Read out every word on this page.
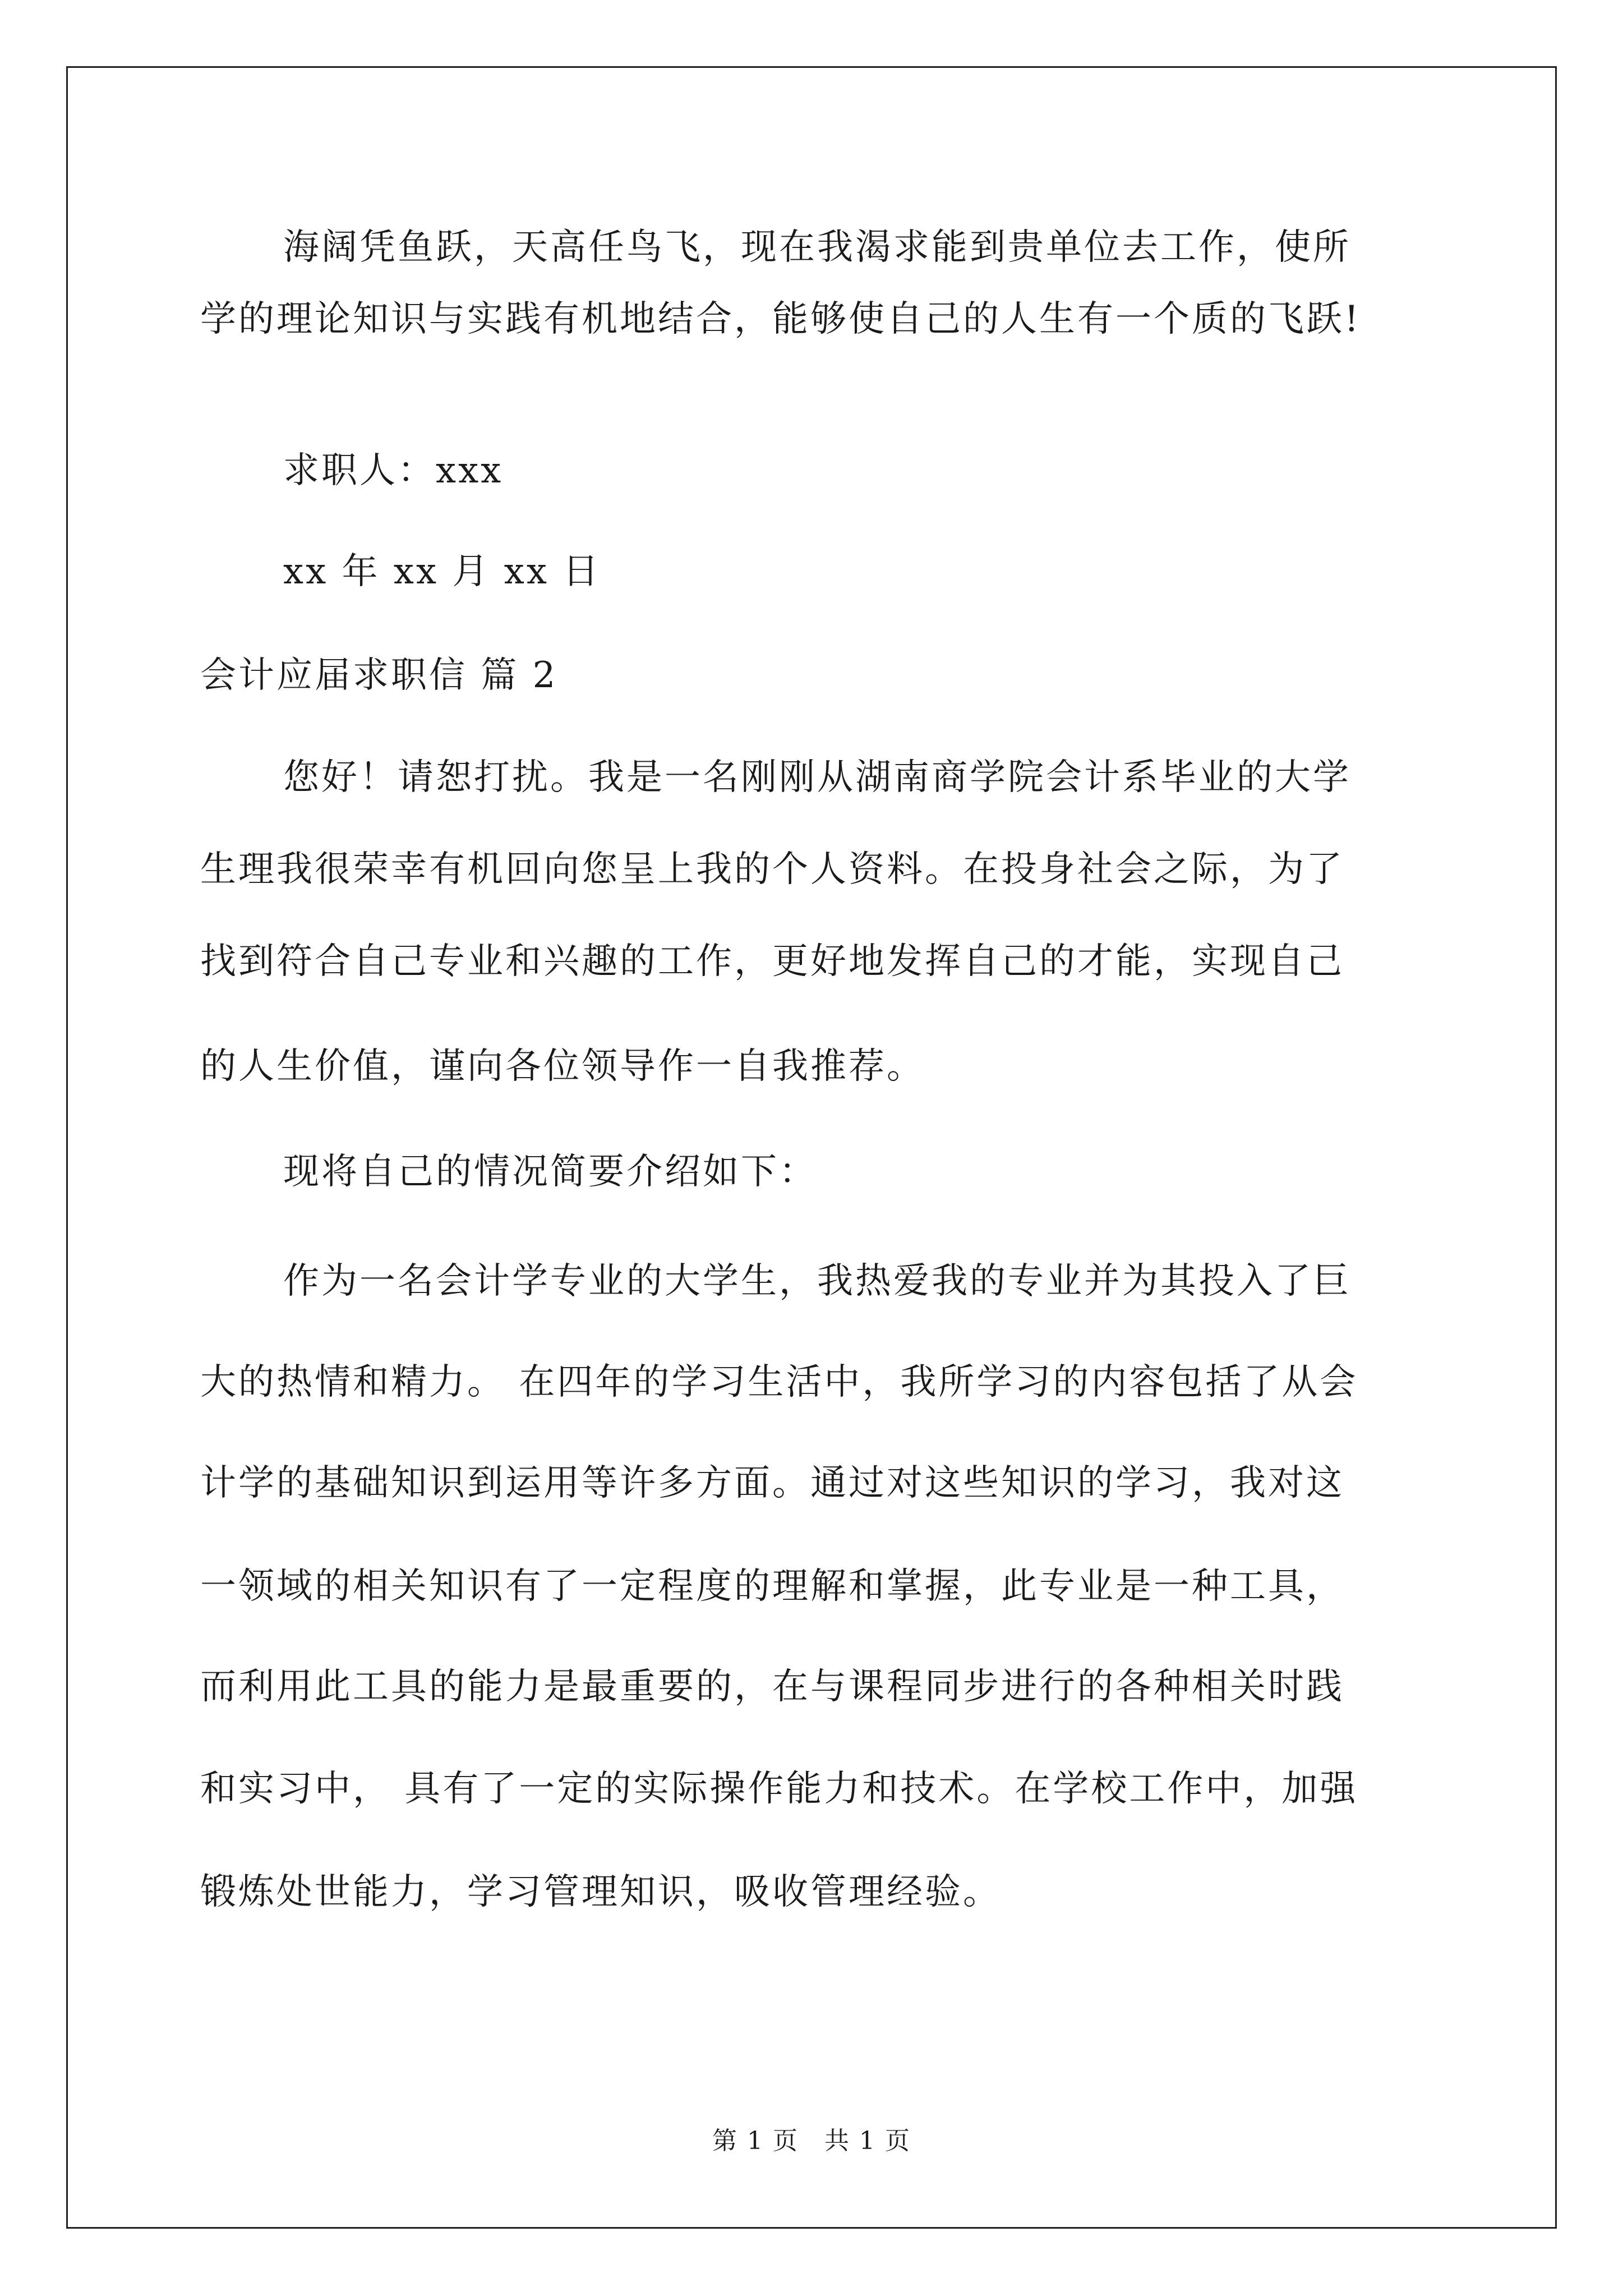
海阔凭鱼跃，天高任鸟飞，现在我渴求能到贵单位去工作，使所
学的理论知识与实践有机地结合，能够使自己的人生有一个质的飞跃!
求职人：xxx
xx 年 xx 月 xx 日
会计应届求职信 篇 2
您好！请恕打扰。我是一名刚刚从湖南商学院会计系毕业的大学
生理我很荣幸有机回向您呈上我的个人资料。在投身社会之际，为了
找到符合自己专业和兴趣的工作，更好地发挥自己的才能，实现自己
的人生价值，谨向各位领导作一自我推荐。
现将自己的情况简要介绍如下：
作为一名会计学专业的大学生，我热爱我的专业并为其投入了巨
大的热情和精力。 在四年的学习生活中，我所学习的内容包括了从会
计学的基础知识到运用等许多方面。通过对这些知识的学习，我对这
一领域的相关知识有了一定程度的理解和掌握，此专业是一种工具，
而利用此工具的能力是最重要的，在与课程同步进行的各种相关时践
和实习中， 具有了一定的实际操作能力和技术。在学校工作中，加强
锻炼处世能力，学习管理知识，吸收管理经验。
第 1 页　共 1 页
